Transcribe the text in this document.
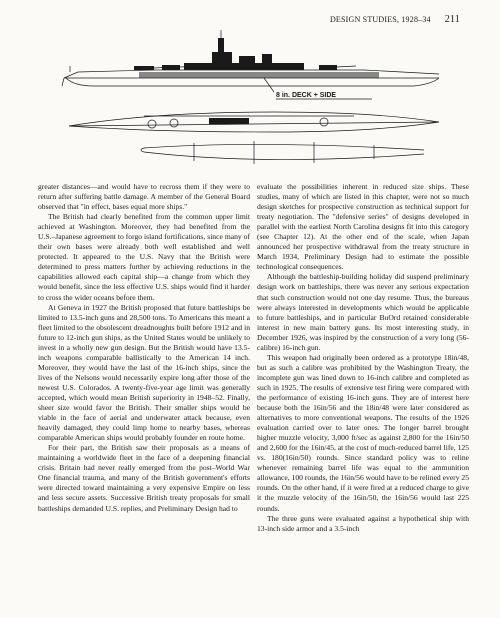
DESIGN STUDIES, 1928–34 211
8 in. DECK + SIDE

greater distances—and would have to recross them if they were to return after suffering battle damage. A member of the General Board observed that "in effect, bases equal more ships."

The British had clearly benefited from the common upper limit achieved at Washington. Moreover, they had benefited from the U.S.–Japanese agreement to forgo island fortifications, since many of their own bases were already both well established and well protected. It appeared to the U.S. Navy that the British were determined to press matters further by achieving reductions in the capabilities allowed each capital ship—a change from which they would benefit, since the less effective U.S. ships would find it harder to cross the wider oceans before them.

At Geneva in 1927 the British proposed that future battleships be limited to 13.5-inch guns and 28,500 tons. To Americans this meant a fleet limited to the obsolescent dreadnoughts built before 1912 and in future to 12-inch gun ships, as the United States would be unlikely to invest in a wholly new gun design. But the British would have 13.5-inch weapons comparable ballistically to the American 14 inch. Moreover, they would have the last of the 16-inch ships, since the lives of the Nelsons would necessarily expire long after those of the newest U.S. Colorados. A twenty-five-year age limit was generally accepted, which would mean British superiority in 1948–52. Finally, sheer size would favor the British. Their smaller ships would be viable in the face of aerial and underwater attack because, even heavily damaged, they could limp home to nearby bases, whereas comparable American ships would probably founder en route home.

For their part, the British saw their proposals as a means of maintaining a worldwide fleet in the face of a deepening financial crisis. Britain had never really emerged from the post–World War One financial trauma, and many of the British government's efforts were directed toward maintaining a very expensive Empire on less and less secure assets. Successive British treaty proposals for small battleships demanded U.S. replies, and Preliminary Design had to

evaluate the possibilities inherent in reduced size ships. These studies, many of which are listed in this chapter, were not so much design sketches for prospective construction as technical support for treaty negotiation. The "defensive series" of designs developed in parallel with the earliest North Carolina designs fit into this category (see Chapter 12). At the other end of the scale, when Japan announced her prospective withdrawal from the treaty structure in March 1934, Preliminary Design had to estimate the possible technological consequences.

Although the battleship-building holiday did suspend preliminary design work on battleships, there was never any serious expectation that such construction would not one day resume. Thus, the bureaus were always interested in developments which would be applicable to future battleships, and in particular BuOrd retained considerable interest in new main battery guns. Its most interesting study, in December 1926, was inspired by the construction of a very long (56-calibre) 16-inch gun.

This weapon had originally been ordered as a prototype 18in/48, but as such a calibre was prohibited by the Washington Treaty, the incomplete gun was lined down to 16-inch calibre and completed as such in 1925. The results of extensive test firing were compared with the performance of existing 16-inch guns. They are of interest here because both the 16in/56 and the 18in/48 were later considered as alternatives to more conventional weapons. The results of the 1926 evaluation carried over to later ones. The longer barrel brought higher muzzle velocity, 3,000 ft/sec as against 2,800 for the 16in/50 and 2,600 for the 16in/45, at the cost of much-reduced barrel life, 125 vs. 180(16in/50) rounds. Since standard policy was to reline whenever remaining barrel life was equal to the ammunition allowance, 100 rounds, the 16in/56 would have to be relined every 25 rounds. On the other hand, if it were fired at a reduced charge to give it the muzzle velocity of the 16in/50, the 16in/56 would last 225 rounds.

The three guns were evaluated against a hypothetical ship with 13-inch side armor and a 3.5-inch
